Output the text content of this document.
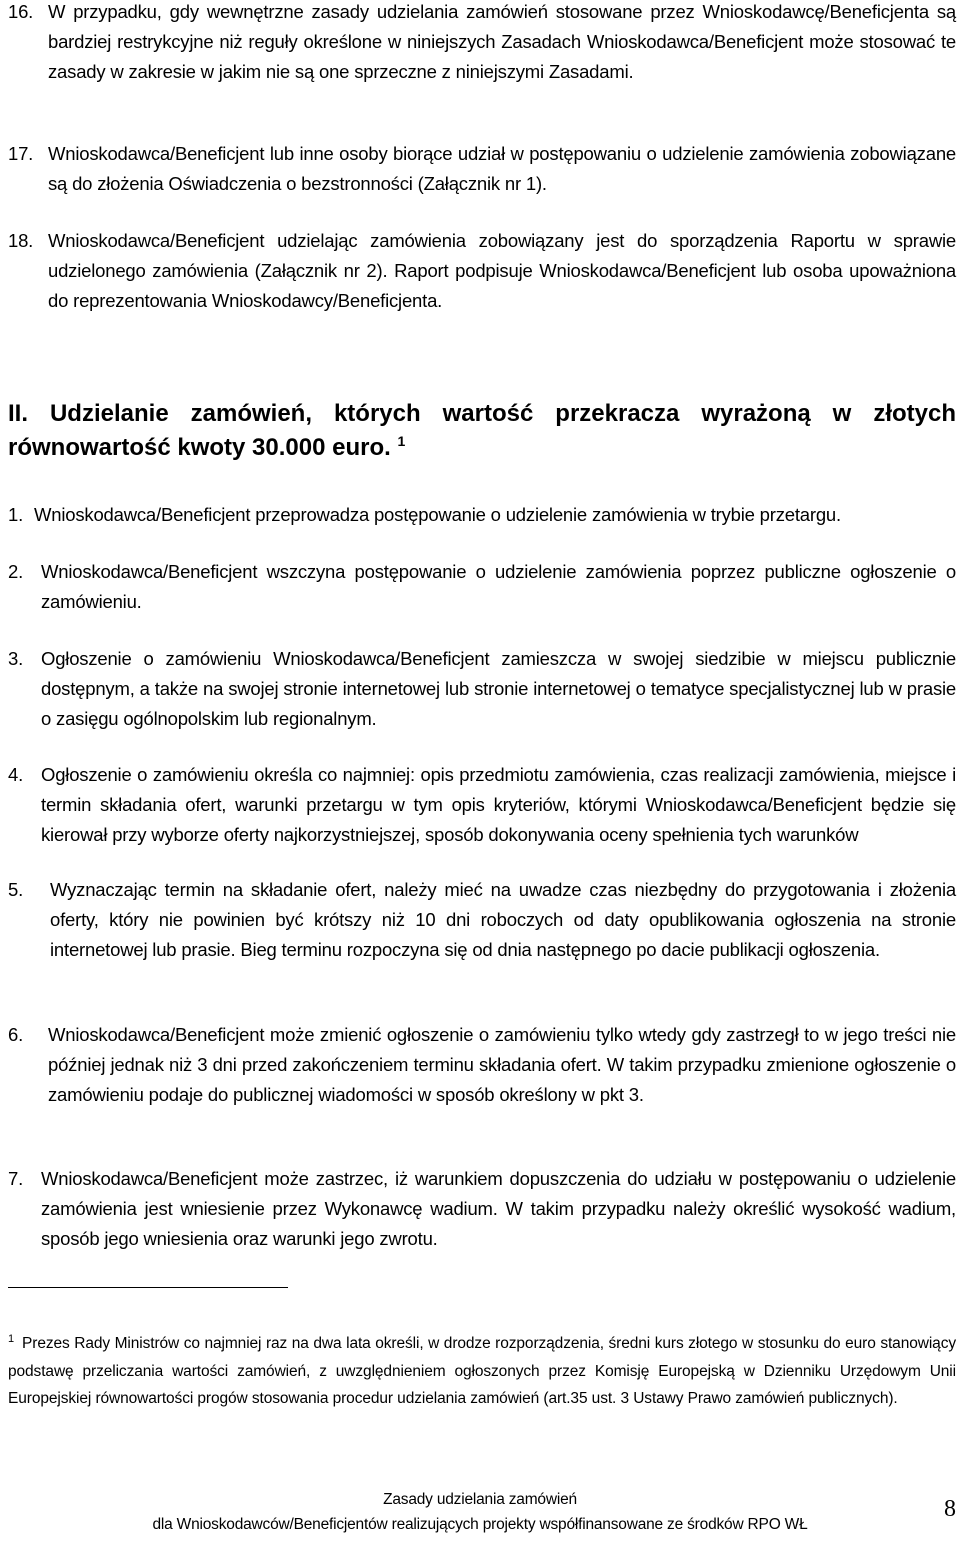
16. W przypadku, gdy wewnętrzne zasady udzielania zamówień stosowane przez Wnioskodawcę/Beneficjenta są bardziej restrykcyjne niż reguły określone w niniejszych Zasadach Wnioskodawca/Beneficjent może stosować te zasady w zakresie w jakim nie są one sprzeczne z niniejszymi Zasadami.
17. Wnioskodawca/Beneficjent lub inne osoby biorące udział w postępowaniu o udzielenie zamówienia zobowiązane są do złożenia Oświadczenia o bezstronności (Załącznik nr 1).
18. Wnioskodawca/Beneficjent udzielając zamówienia zobowiązany jest do sporządzenia Raportu w sprawie udzielonego zamówienia (Załącznik nr 2). Raport podpisuje Wnioskodawca/Beneficjent lub osoba upoważniona do reprezentowania Wnioskodawcy/Beneficjenta.
II. Udzielanie zamówień, których wartość przekracza wyrażoną w złotych równowartość kwoty 30.000 euro. $^1$
1. Wnioskodawca/Beneficjent przeprowadza postępowanie o udzielenie zamówienia w trybie przetargu.
2. Wnioskodawca/Beneficjent wszczyna postępowanie o udzielenie zamówienia poprzez publiczne ogłoszenie o zamówieniu.
3. Ogłoszenie o zamówieniu Wnioskodawca/Beneficjent zamieszcza w swojej siedzibie w miejscu publicznie dostępnym, a także na swojej stronie internetowej lub stronie internetowej o tematyce specjalistycznej lub w prasie o zasięgu ogólnopolskim lub regionalnym.
4. Ogłoszenie o zamówieniu określa co najmniej: opis przedmiotu zamówienia, czas realizacji zamówienia, miejsce i termin składania ofert, warunki przetargu w tym opis kryteriów, którymi Wnioskodawca/Beneficjent będzie się kierował przy wyborze oferty najkorzystniejszej, sposób dokonywania oceny spełnienia tych warunków
5.	Wyznaczając termin na składanie ofert, należy mieć na uwadze czas niezbędny do przygotowania i złożenia oferty, który nie powinien być krótszy niż 10 dni roboczych od daty opublikowania ogłoszenia na stronie internetowej lub prasie. Bieg terminu rozpoczyna się od dnia następnego po dacie publikacji ogłoszenia.
6.	Wnioskodawca/Beneficjent może zmienić ogłoszenie o zamówieniu tylko wtedy gdy zastrzegł to w jego treści nie później jednak niż 3 dni przed zakończeniem terminu składania ofert. W takim przypadku zmienione ogłoszenie o zamówieniu podaje do publicznej wiadomości w sposób określony w pkt 3.
7. Wnioskodawca/Beneficjent może zastrzec, iż warunkiem dopuszczenia do udziału w postępowaniu o udzielenie zamówienia jest wniesienie przez Wykonawcę wadium. W takim przypadku należy określić wysokość wadium, sposób jego wniesienia oraz warunki jego zwrotu.
$^1$ Prezes Rady Ministrów co najmniej raz na dwa lata określi, w drodze rozporządzenia, średni kurs złotego w stosunku do euro stanowiący podstawę przeliczania wartości zamówień, z uwzględnieniem ogłoszonych przez Komisję Europejską w Dzienniku Urzędowym Unii Europejskiej równowartości progów stosowania procedur udzielania zamówień (art.35 ust. 3 Ustawy Prawo zamówień publicznych).
Zasady udzielania zamówień
dla Wnioskodawców/Beneficjentów realizujących projekty współfinansowane ze środków RPO WŁ
8
